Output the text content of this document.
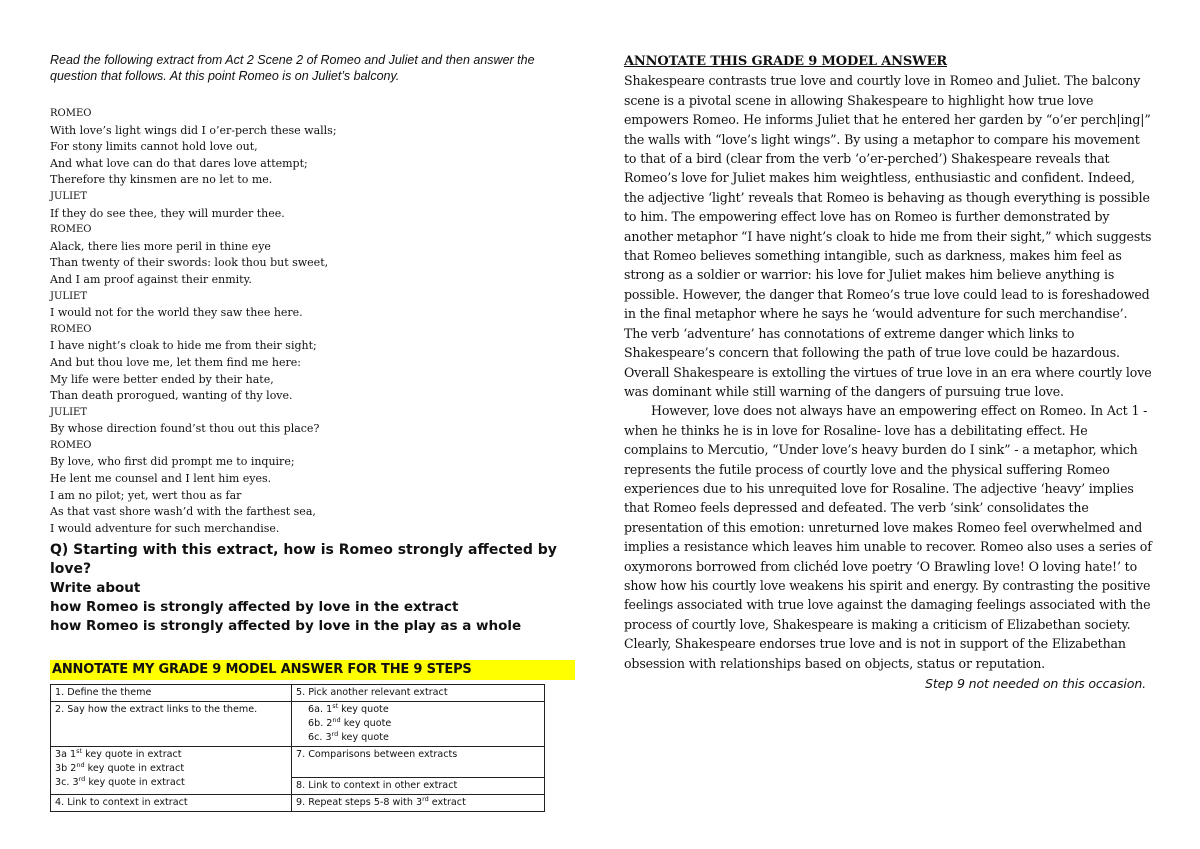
Read the following extract from Act 2 Scene 2 of Romeo and Juliet and then answer the question that follows. At this point Romeo is on Juliet’s balcony.

ROMEO
With love’s light wings did I o’er-perch these walls;
For stony limits cannot hold love out,
And what love can do that dares love attempt;
Therefore thy kinsmen are no let to me.
JULIET
If they do see thee, they will murder thee.
ROMEO
Alack, there lies more peril in thine eye
Than twenty of their swords: look thou but sweet,
And I am proof against their enmity.
JULIET
I would not for the world they saw thee here.
ROMEO
I have night’s cloak to hide me from their sight;
And but thou love me, let them find me here:
My life were better ended by their hate,
Than death prorogued, wanting of thy love.
JULIET
By whose direction found’st thou out this place?
ROMEO
By love, who first did prompt me to inquire;
He lent me counsel and I lent him eyes.
I am no pilot; yet, wert thou as far
As that vast shore wash’d with the farthest sea,
I would adventure for such merchandise.
Q) Starting with this extract, how is Romeo strongly affected by love?
Write about
how Romeo is strongly affected by love in the extract
how Romeo is strongly affected by love in the play as a whole
ANNOTATE MY GRADE 9 MODEL ANSWER FOR THE 9 STEPS
1. Define the theme	5. Pick another relevant extract
2. Say how the extract links to the theme.	6a. 1st key quote
6b. 2nd key quote
6c. 3rd key quote

3a 1st key quote in extract
3b 2nd key quote in extract
3c. 3rd key quote in extract	7. Comparisons between extracts
	8. Link to context in other extract
4. Link to context in extract	9. Repeat steps 5-8 with 3rd extract
ANNOTATE THIS GRADE 9 MODEL ANSWER

Shakespeare contrasts true love and courtly love in Romeo and Juliet. The balcony scene is a pivotal scene in allowing Shakespeare to highlight how true love empowers Romeo. He informs Juliet that he entered her garden by “o’er perch|ing|” the walls with “love’s light wings”. By using a metaphor to compare his movement to that of a bird (clear from the verb ‘o’er-perched’) Shakespeare reveals that Romeo’s love for Juliet makes him weightless, enthusiastic and confident. Indeed, the adjective ‘light’ reveals that Romeo is behaving as though everything is possible to him. The empowering effect love has on Romeo is further demonstrated by another metaphor “I have night’s cloak to hide me from their sight,” which suggests that Romeo believes something intangible, such as darkness, makes him feel as strong as a soldier or warrior: his love for Juliet makes him believe anything is possible. However, the danger that Romeo’s true love could lead to is foreshadowed in the final metaphor where he says he ‘would adventure for such merchandise’. The verb ‘adventure’ has connotations of extreme danger which links to Shakespeare’s concern that following the path of true love could be hazardous. Overall Shakespeare is extolling the virtues of true love in an era where courtly love was dominant while still warning of the dangers of pursuing true love.

However, love does not always have an empowering effect on Romeo. In Act 1 -when he thinks he is in love for Rosaline- love has a debilitating effect. He complains to Mercutio, “Under love’s heavy burden do I sink” - a metaphor, which represents the futile process of courtly love and the physical suffering Romeo experiences due to his unrequited love for Rosaline. The adjective ‘heavy’ implies that Romeo feels depressed and defeated. The verb ‘sink’ consolidates the presentation of this emotion: unreturned love makes Romeo feel overwhelmed and implies a resistance which leaves him unable to recover. Romeo also uses a series of oxymorons borrowed from clichéd love poetry ‘O Brawling love! O loving hate!’ to show how his courtly love weakens his spirit and energy. By contrasting the positive feelings associated with true love against the damaging feelings associated with the process of courtly love, Shakespeare is making a criticism of Elizabethan society. Clearly, Shakespeare endorses true love and is not in support of the Elizabethan obsession with relationships based on objects, status or reputation.

Step 9 not needed on this occasion.
